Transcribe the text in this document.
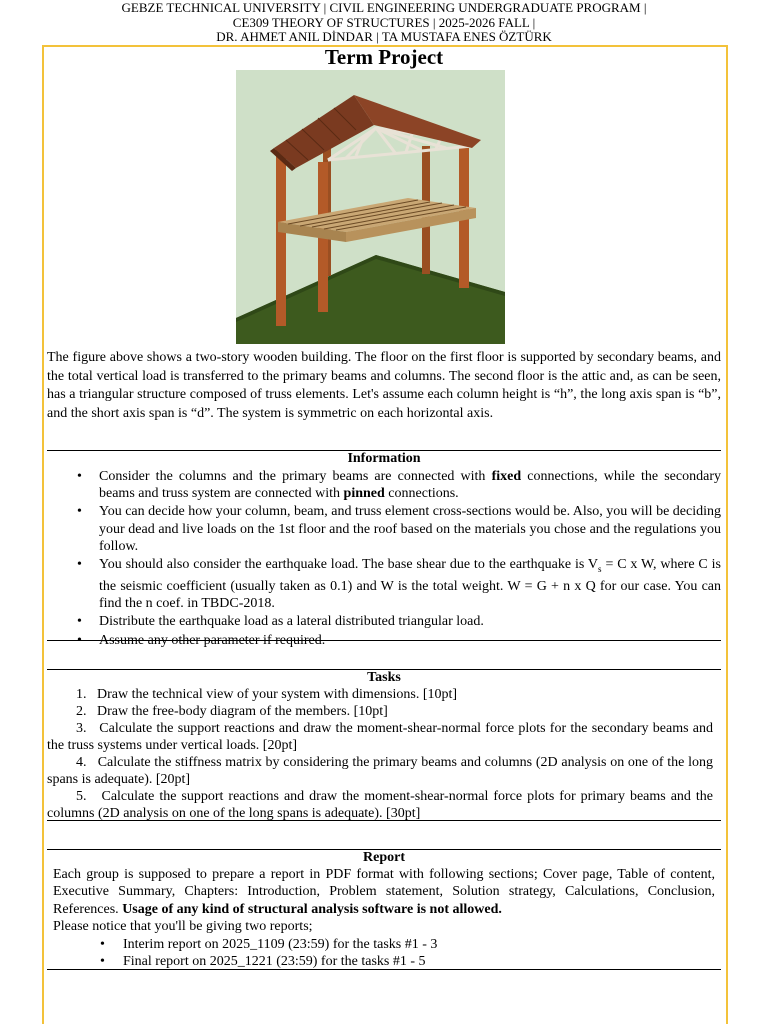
GEBZE TECHNICAL UNIVERSITY | CIVIL ENGINEERING UNDERGRADUATE PROGRAM |
CE309 THEORY OF STRUCTURES | 2025-2026 FALL |
DR. AHMET ANIL DİNDAR | TA MUSTAFA ENES ÖZTÜRK
Term Project
The figure above shows a two-story wooden building. The floor on the first floor is supported by secondary beams, and the total vertical load is transferred to the primary beams and columns. The second floor is the attic and, as can be seen, has a triangular structure composed of truss elements. Let's assume each column height is “h”, the long axis span is “b”, and the short axis span is “d”. The system is symmetric on each horizontal axis.
Information
• Consider the columns and the primary beams are connected with fixed connections, while the secondary beams and truss system are connected with pinned connections.
• You can decide how your column, beam, and truss element cross-sections would be. Also, you will be deciding your dead and live loads on the 1st floor and the roof based on the materials you chose and the regulations you follow.
• You should also consider the earthquake load. The base shear due to the earthquake is $V_s = C$ x W, where C is the seismic coefficient (usually taken as 0.1) and W is the total weight. W = G + n x Q for our case. You can find the n coef. in TBDC-2018.
• Distribute the earthquake load as a lateral distributed triangular load.
• Assume any other parameter if required.
Tasks
1. Draw the technical view of your system with dimensions. [10pt]
2. Draw the free-body diagram of the members. [10pt]
3. Calculate the support reactions and draw the moment-shear-normal force plots for the secondary beams and the truss systems under vertical loads. [20pt]
4. Calculate the stiffness matrix by considering the primary beams and columns (2D analysis on one of the long spans is adequate). [20pt]
5. Calculate the support reactions and draw the moment-shear-normal force plots for primary beams and the columns (2D analysis on one of the long spans is adequate). [30pt]
Report
Each group is supposed to prepare a report in PDF format with following sections; Cover page, Table of content, Executive Summary, Chapters: Introduction, Problem statement, Solution strategy, Calculations, Conclusion, References. Usage of any kind of structural analysis software is not allowed.
Please notice that you'll be giving two reports;
• Interim report on 2025_1109 (23:59) for the tasks #1 - 3
• Final report on 2025_1221 (23:59) for the tasks #1 - 5
